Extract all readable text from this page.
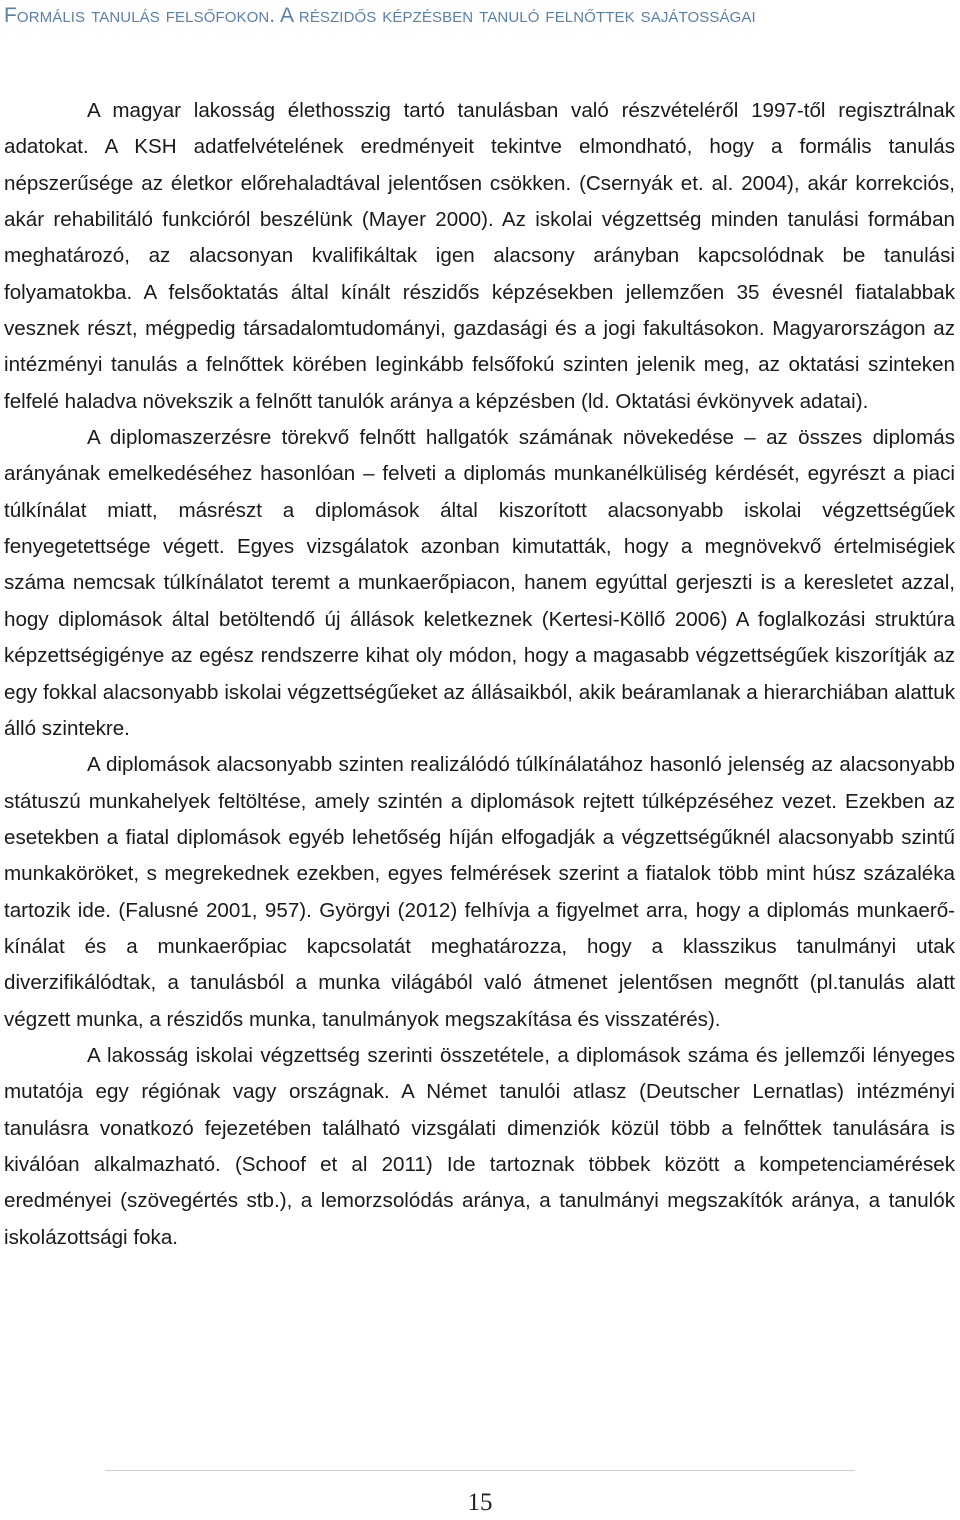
Formális tanulás felsőfokon. A részidős képzésben tanuló felnőttek sajátosságai

A magyar lakosság élethosszig tartó tanulásban való részvételéről 1997-től regisztrálnak adatokat. A KSH adatfelvételének eredményeit tekintve elmondható, hogy a formális tanulás népszerűsége az életkor előrehaladtával jelentősen csökken. (Csernyák et. al. 2004), akár korrekciós, akár rehabilitáló funkcióról beszélünk (Mayer 2000). Az iskolai végzettség minden tanulási formában meghatározó, az alacsonyan kvalifikáltak igen alacsony arányban kapcsolódnak be tanulási folyamatokba. A felsőoktatás által kínált részidős képzésekben jellemzően 35 évesnél fiatalabbak vesznek részt, mégpedig társadalomtudományi, gazdasági és a jogi fakultásokon. Magyarországon az intézményi tanulás a felnőttek körében leginkább felsőfokú szinten jelenik meg, az oktatási szinteken felfelé haladva növekszik a felnőtt tanulók aránya a képzésben (ld. Oktatási évkönyvek adatai).

A diplomaszerzésre törekvő felnőtt hallgatók számának növekedése – az összes diplomás arányának emelkedéséhez hasonlóan – felveti a diplomás munkanélküliség kérdését, egyrészt a piaci túlkínálat miatt, másrészt a diplomások által kiszorított alacsonyabb iskolai végzettségűek fenyegetettsége végett. Egyes vizsgálatok azonban kimutatták, hogy a megnövekvő értelmiségiek száma nemcsak túlkínálatot teremt a munkaerőpiacon, hanem egyúttal gerjeszti is a keresletet azzal, hogy diplomások által betöltendő új állások keletkeznek (Kertesi-Köllő 2006) A foglalkozási struktúra képzettségigénye az egész rendszerre kihat oly módon, hogy a magasabb végzettségűek kiszorítják az egy fokkal alacsonyabb iskolai végzettségűeket az állásaikból, akik beáramlanak a hierarchiában alattuk álló szintekre.

A diplomások alacsonyabb szinten realizálódó túlkínálatához hasonló jelenség az alacsonyabb státuszú munkahelyek feltöltése, amely szintén a diplomások rejtett túlképzéséhez vezet. Ezekben az esetekben a fiatal diplomások egyéb lehetőség híján elfogadják a végzettségűknél alacsonyabb szintű munkaköröket, s megrekednek ezekben, egyes felmérések szerint a fiatalok több mint húsz százaléka tartozik ide. (Falusné 2001, 957). Györgyi (2012) felhívja a figyelmet arra, hogy a diplomás munkaerő-kínálat és a munkaerőpiac kapcsolatát meghatározza, hogy a klasszikus tanulmányi utak diverzifikálódtak, a tanulásból a munka világából való átmenet jelentősen megnőtt (pl.tanulás alatt végzett munka, a részidős munka, tanulmányok megszakítása és visszatérés).

A lakosság iskolai végzettség szerinti összetétele, a diplomások száma és jellemzői lényeges mutatója egy régiónak vagy országnak. A Német tanulói atlasz (Deutscher Lernatlas) intézményi tanulásra vonatkozó fejezetében található vizsgálati dimenziók közül több a felnőttek tanulására is kiválóan alkalmazható. (Schoof et al 2011) Ide tartoznak többek között a kompetenciamérések eredményei (szövegértés stb.), a lemorzsolódás aránya, a tanulmányi megszakítók aránya, a tanulók iskolázottsági foka.

15
